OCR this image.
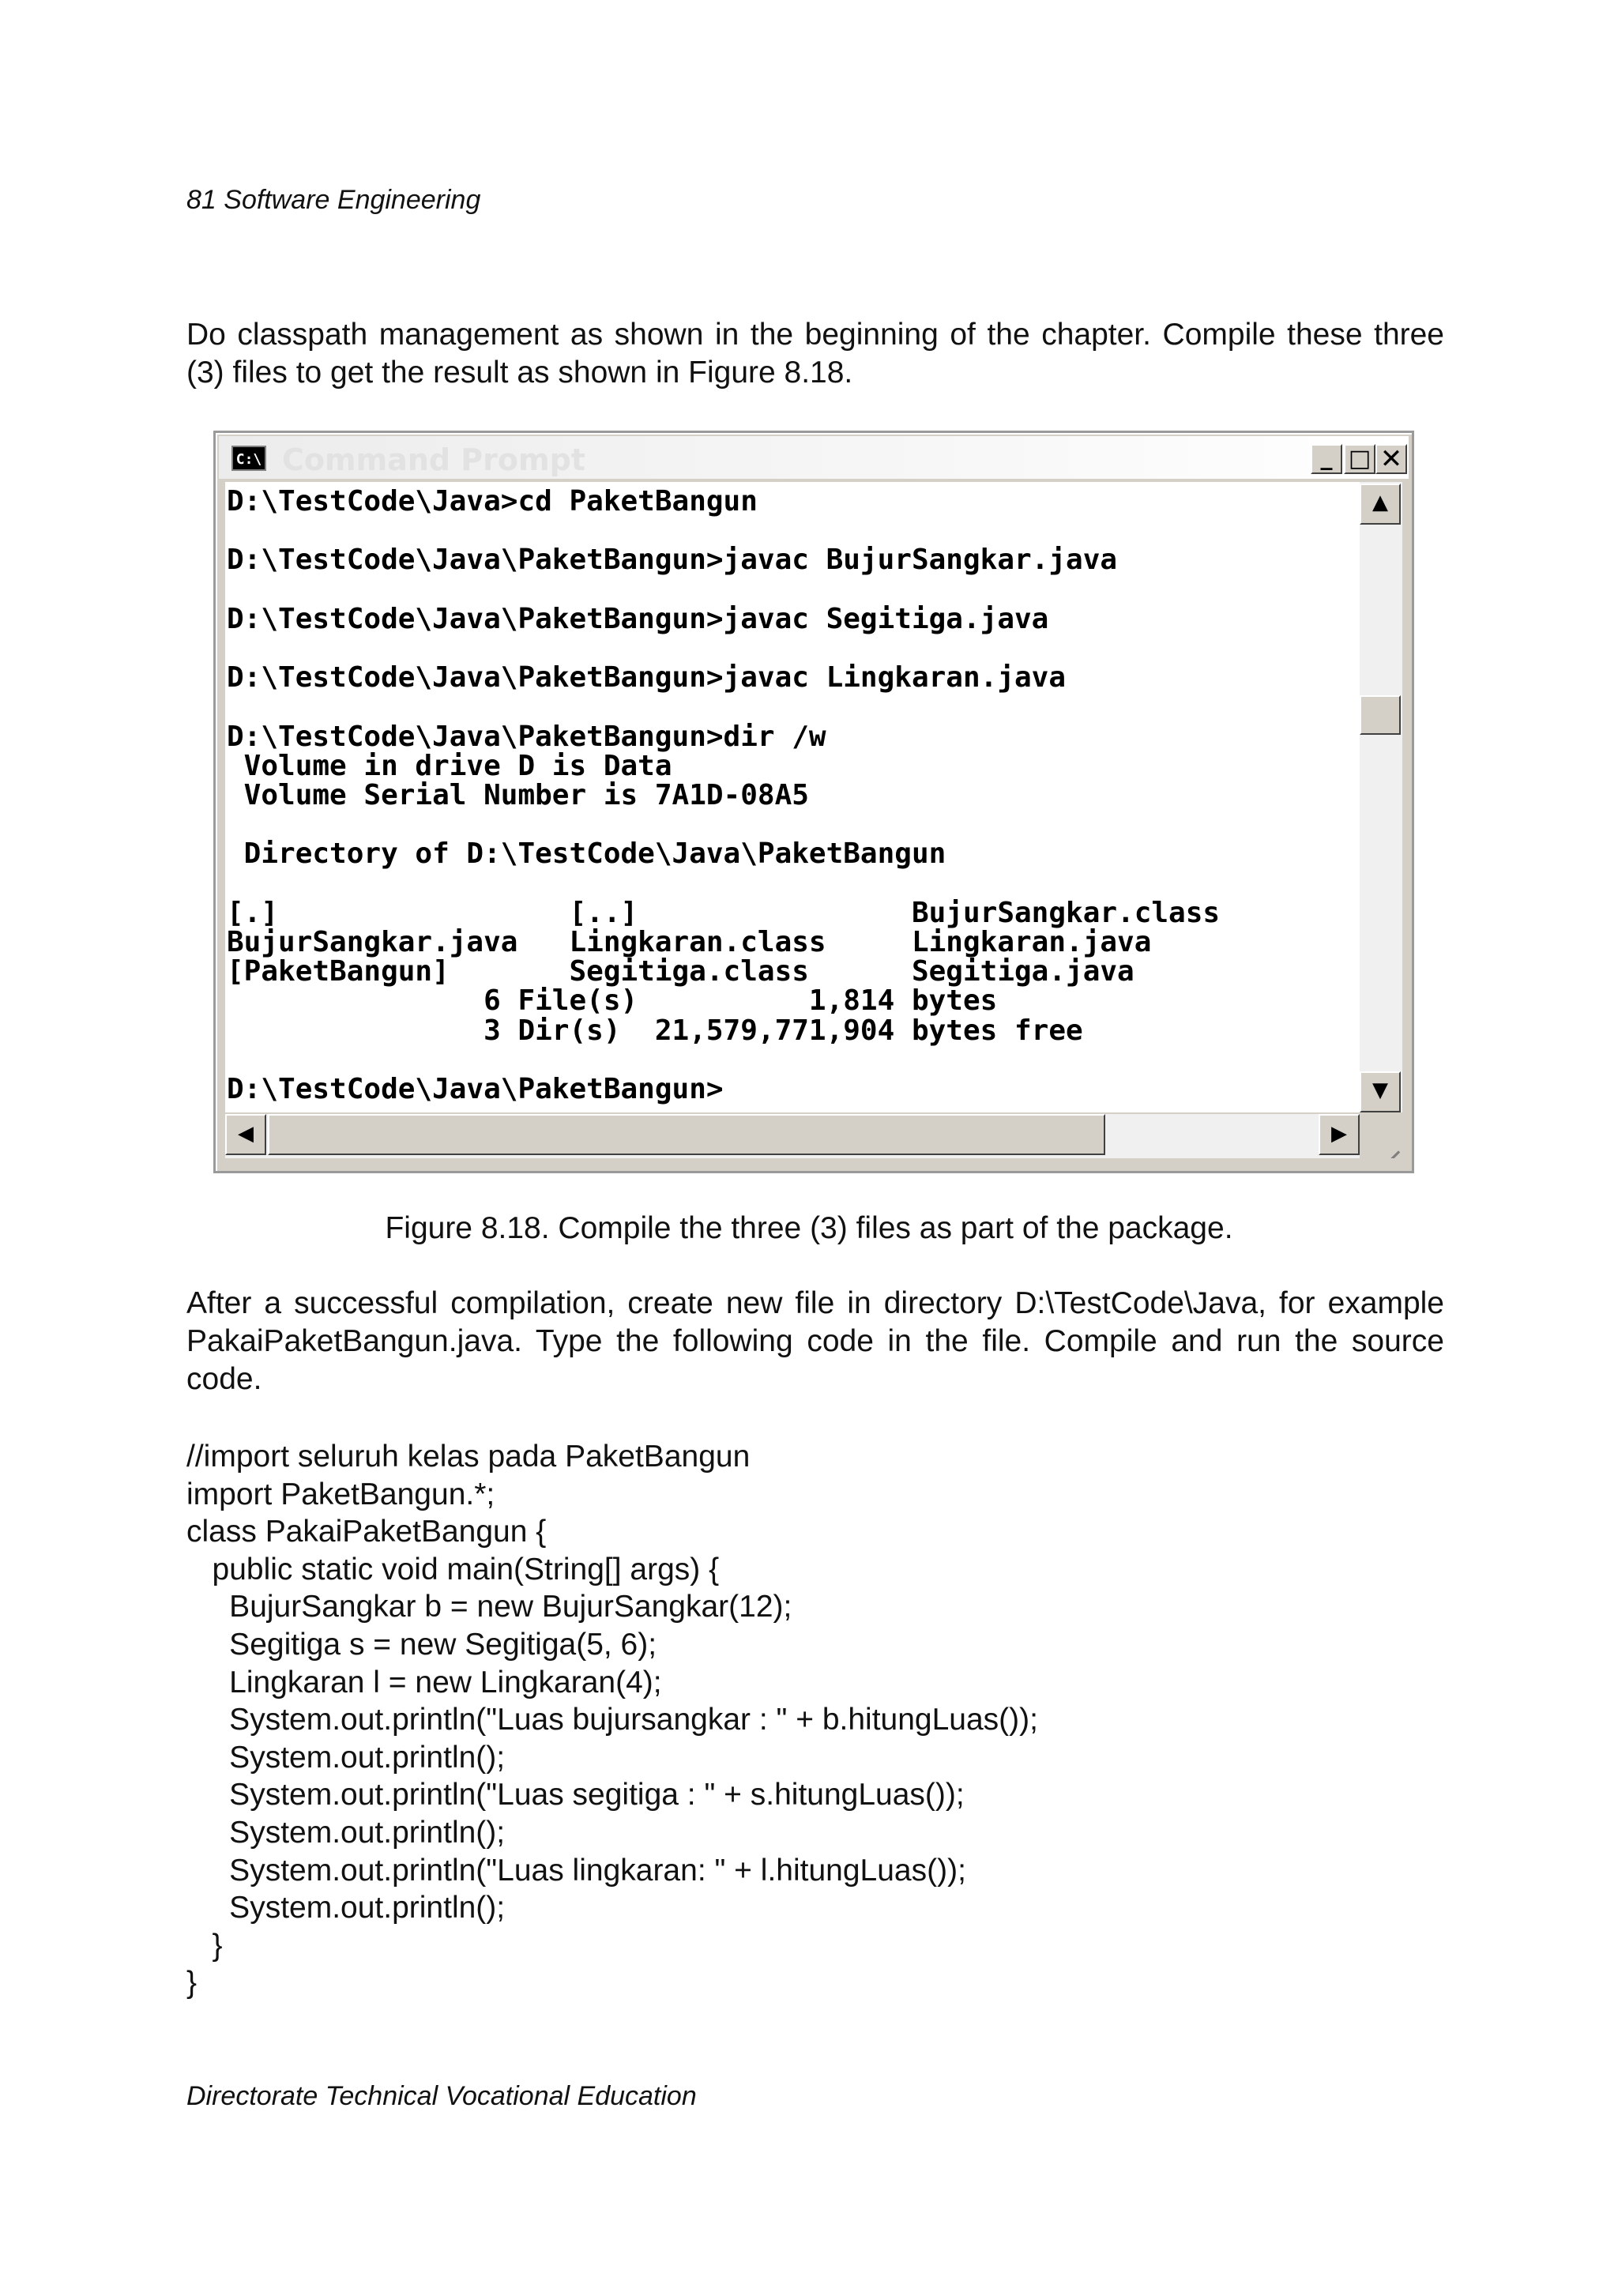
81 Software Engineering
Do classpath management as shown in the beginning of the chapter. Compile these three (3) files to get the result as shown in Figure 8.18.
C:\ Command Prompt	_ □ ✕
D:\TestCode\Java>cd PaketBangun
D:\TestCode\Java\PaketBangun>javac BujurSangkar.java
D:\TestCode\Java\PaketBangun>javac Segitiga.java
D:\TestCode\Java\PaketBangun>javac Lingkaran.java
D:\TestCode\Java\PaketBangun>dir /w
Volume in drive D is Data
Volume Serial Number is 7A1D-08A5
Directory of D:\TestCode\Java\PaketBangun
[.]                 [..]                BujurSangkar.class
BujurSangkar.java   Lingkaran.class     Lingkaran.java
[PaketBangun]       Segitiga.class      Segitiga.java
6 File(s)          1,814 bytes
3 Dir(s)  21,579,771,904 bytes free
D:\TestCode\Java\PaketBangun>
▲
▼
◀	▶
Figure 8.18. Compile the three (3) files as part of the package.
After a successful compilation, create new file in directory D:\TestCode\Java, for example PakaiPaketBangun.java. Type the following code in the file. Compile and run the source code.
//import seluruh kelas pada PaketBangun
import PaketBangun.*;
class PakaiPaketBangun {
public static void main(String[] args) {
BujurSangkar b = new BujurSangkar(12);
Segitiga s = new Segitiga(5, 6);
Lingkaran l = new Lingkaran(4);
System.out.println("Luas bujursangkar : " + b.hitungLuas());
System.out.println();
System.out.println("Luas segitiga : " + s.hitungLuas());
System.out.println();
System.out.println("Luas lingkaran: " + l.hitungLuas());
System.out.println();
}
}
Directorate Technical Vocational Education
